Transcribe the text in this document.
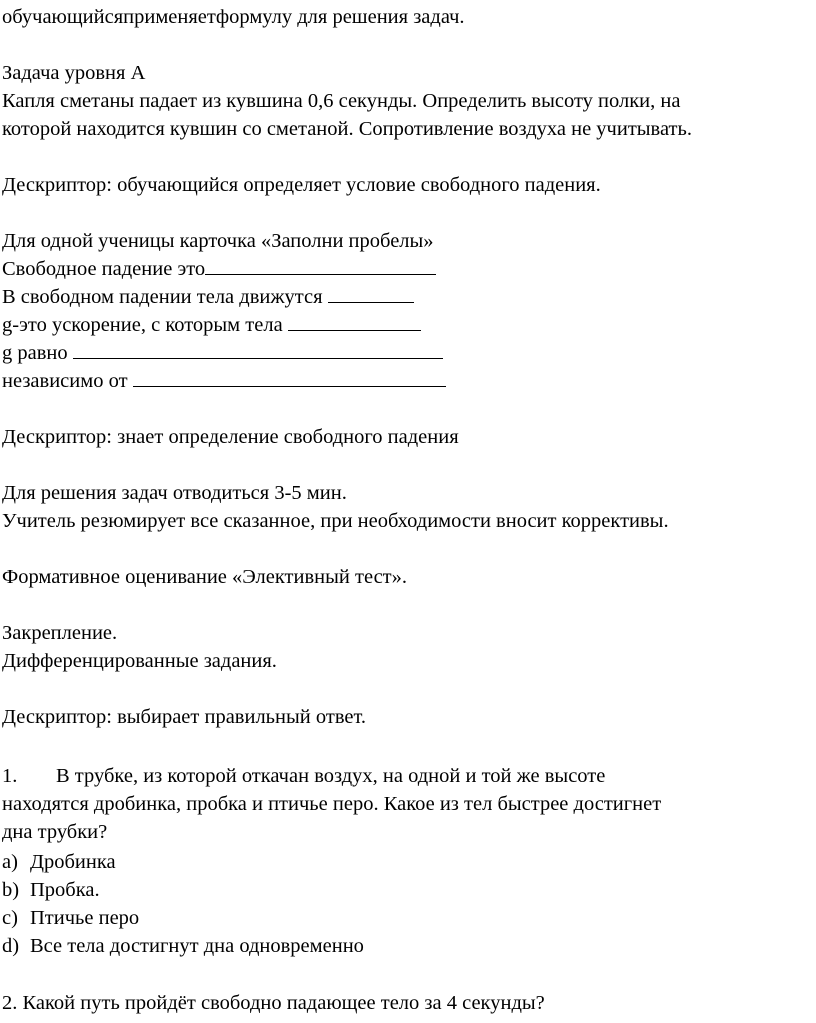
обучающийсяприменяетформулу для решения задач.
Задача уровня А
Капля сметаны падает из кувшина 0,6 секунды. Определить высоту полки, на
которой находится кувшин со сметаной. Сопротивление воздуха не учитывать.
Дескриптор: обучающийся определяет условие свободного падения.
Для одной ученицы карточка «Заполни пробелы»
Свободное падение это
В свободном падении тела движутся
g-это ускорение, с которым тела
g равно
независимо от
Дескриптор: знает определение свободного падения
Для решения задач отводиться 3-5 мин.
Учитель резюмирует все сказанное, при необходимости вносит коррективы.
Формативное оценивание «Элективный тест».
Закрепление.
Дифференцированные задания.
Дескриптор: выбирает правильный ответ.
1. В трубке, из которой откачан воздух, на одной и той же высоте
находятся дробинка, пробка и птичье перо. Какое из тел быстрее достигнет
дна трубки?
a) Дробинка
b) Пробка.
c) Птичье перо
d) Все тела достигнут дна одновременно
2. Какой путь пройдёт свободно падающее тело за 4 секунды?
